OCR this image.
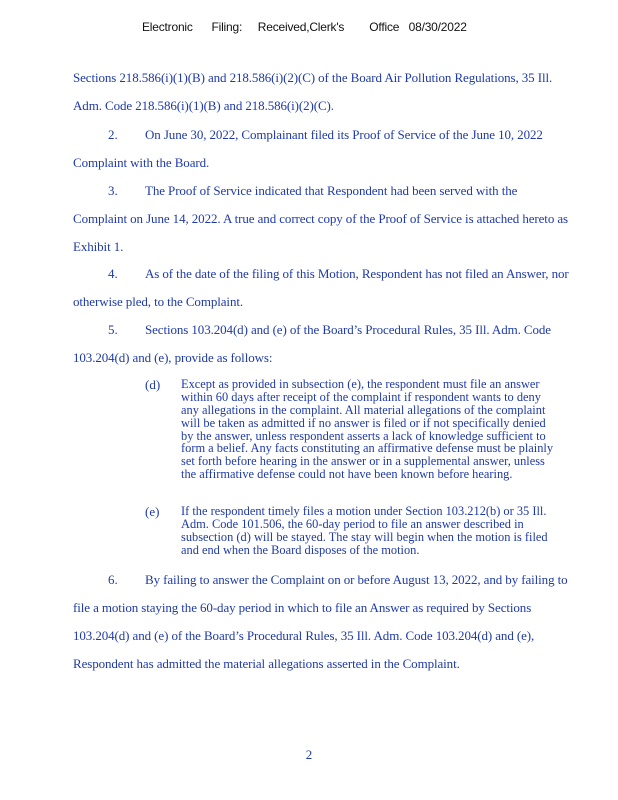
Electronic      Filing:     Received,Clerk's        Office   08/30/2022
Sections 218.586(i)(1)(B) and 218.586(i)(2)(C) of the Board Air Pollution Regulations, 35 Ill.
Adm. Code 218.586(i)(1)(B) and 218.586(i)(2)(C).
2. On June 30, 2022, Complainant filed its Proof of Service of the June 10, 2022
Complaint with the Board.
3. The Proof of Service indicated that Respondent had been served with the
Complaint on June 14, 2022. A true and correct copy of the Proof of Service is attached hereto as
Exhibit 1.
4. As of the date of the filing of this Motion, Respondent has not filed an Answer, nor
otherwise pled, to the Complaint.
5. Sections 103.204(d) and (e) of the Board’s Procedural Rules, 35 Ill. Adm. Code
103.204(d) and (e), provide as follows:
(d) Except as provided in subsection (e), the respondent must file an answer
within 60 days after receipt of the complaint if respondent wants to deny
any allegations in the complaint. All material allegations of the complaint
will be taken as admitted if no answer is filed or if not specifically denied
by the answer, unless respondent asserts a lack of knowledge sufficient to
form a belief. Any facts constituting an affirmative defense must be plainly
set forth before hearing in the answer or in a supplemental answer, unless
the affirmative defense could not have been known before hearing.
(e) If the respondent timely files a motion under Section 103.212(b) or 35 Ill.
Adm. Code 101.506, the 60-day period to file an answer described in
subsection (d) will be stayed. The stay will begin when the motion is filed
and end when the Board disposes of the motion.
6. By failing to answer the Complaint on or before August 13, 2022, and by failing to
file a motion staying the 60-day period in which to file an Answer as required by Sections
103.204(d) and (e) of the Board’s Procedural Rules, 35 Ill. Adm. Code 103.204(d) and (e),
Respondent has admitted the material allegations asserted in the Complaint.
2
